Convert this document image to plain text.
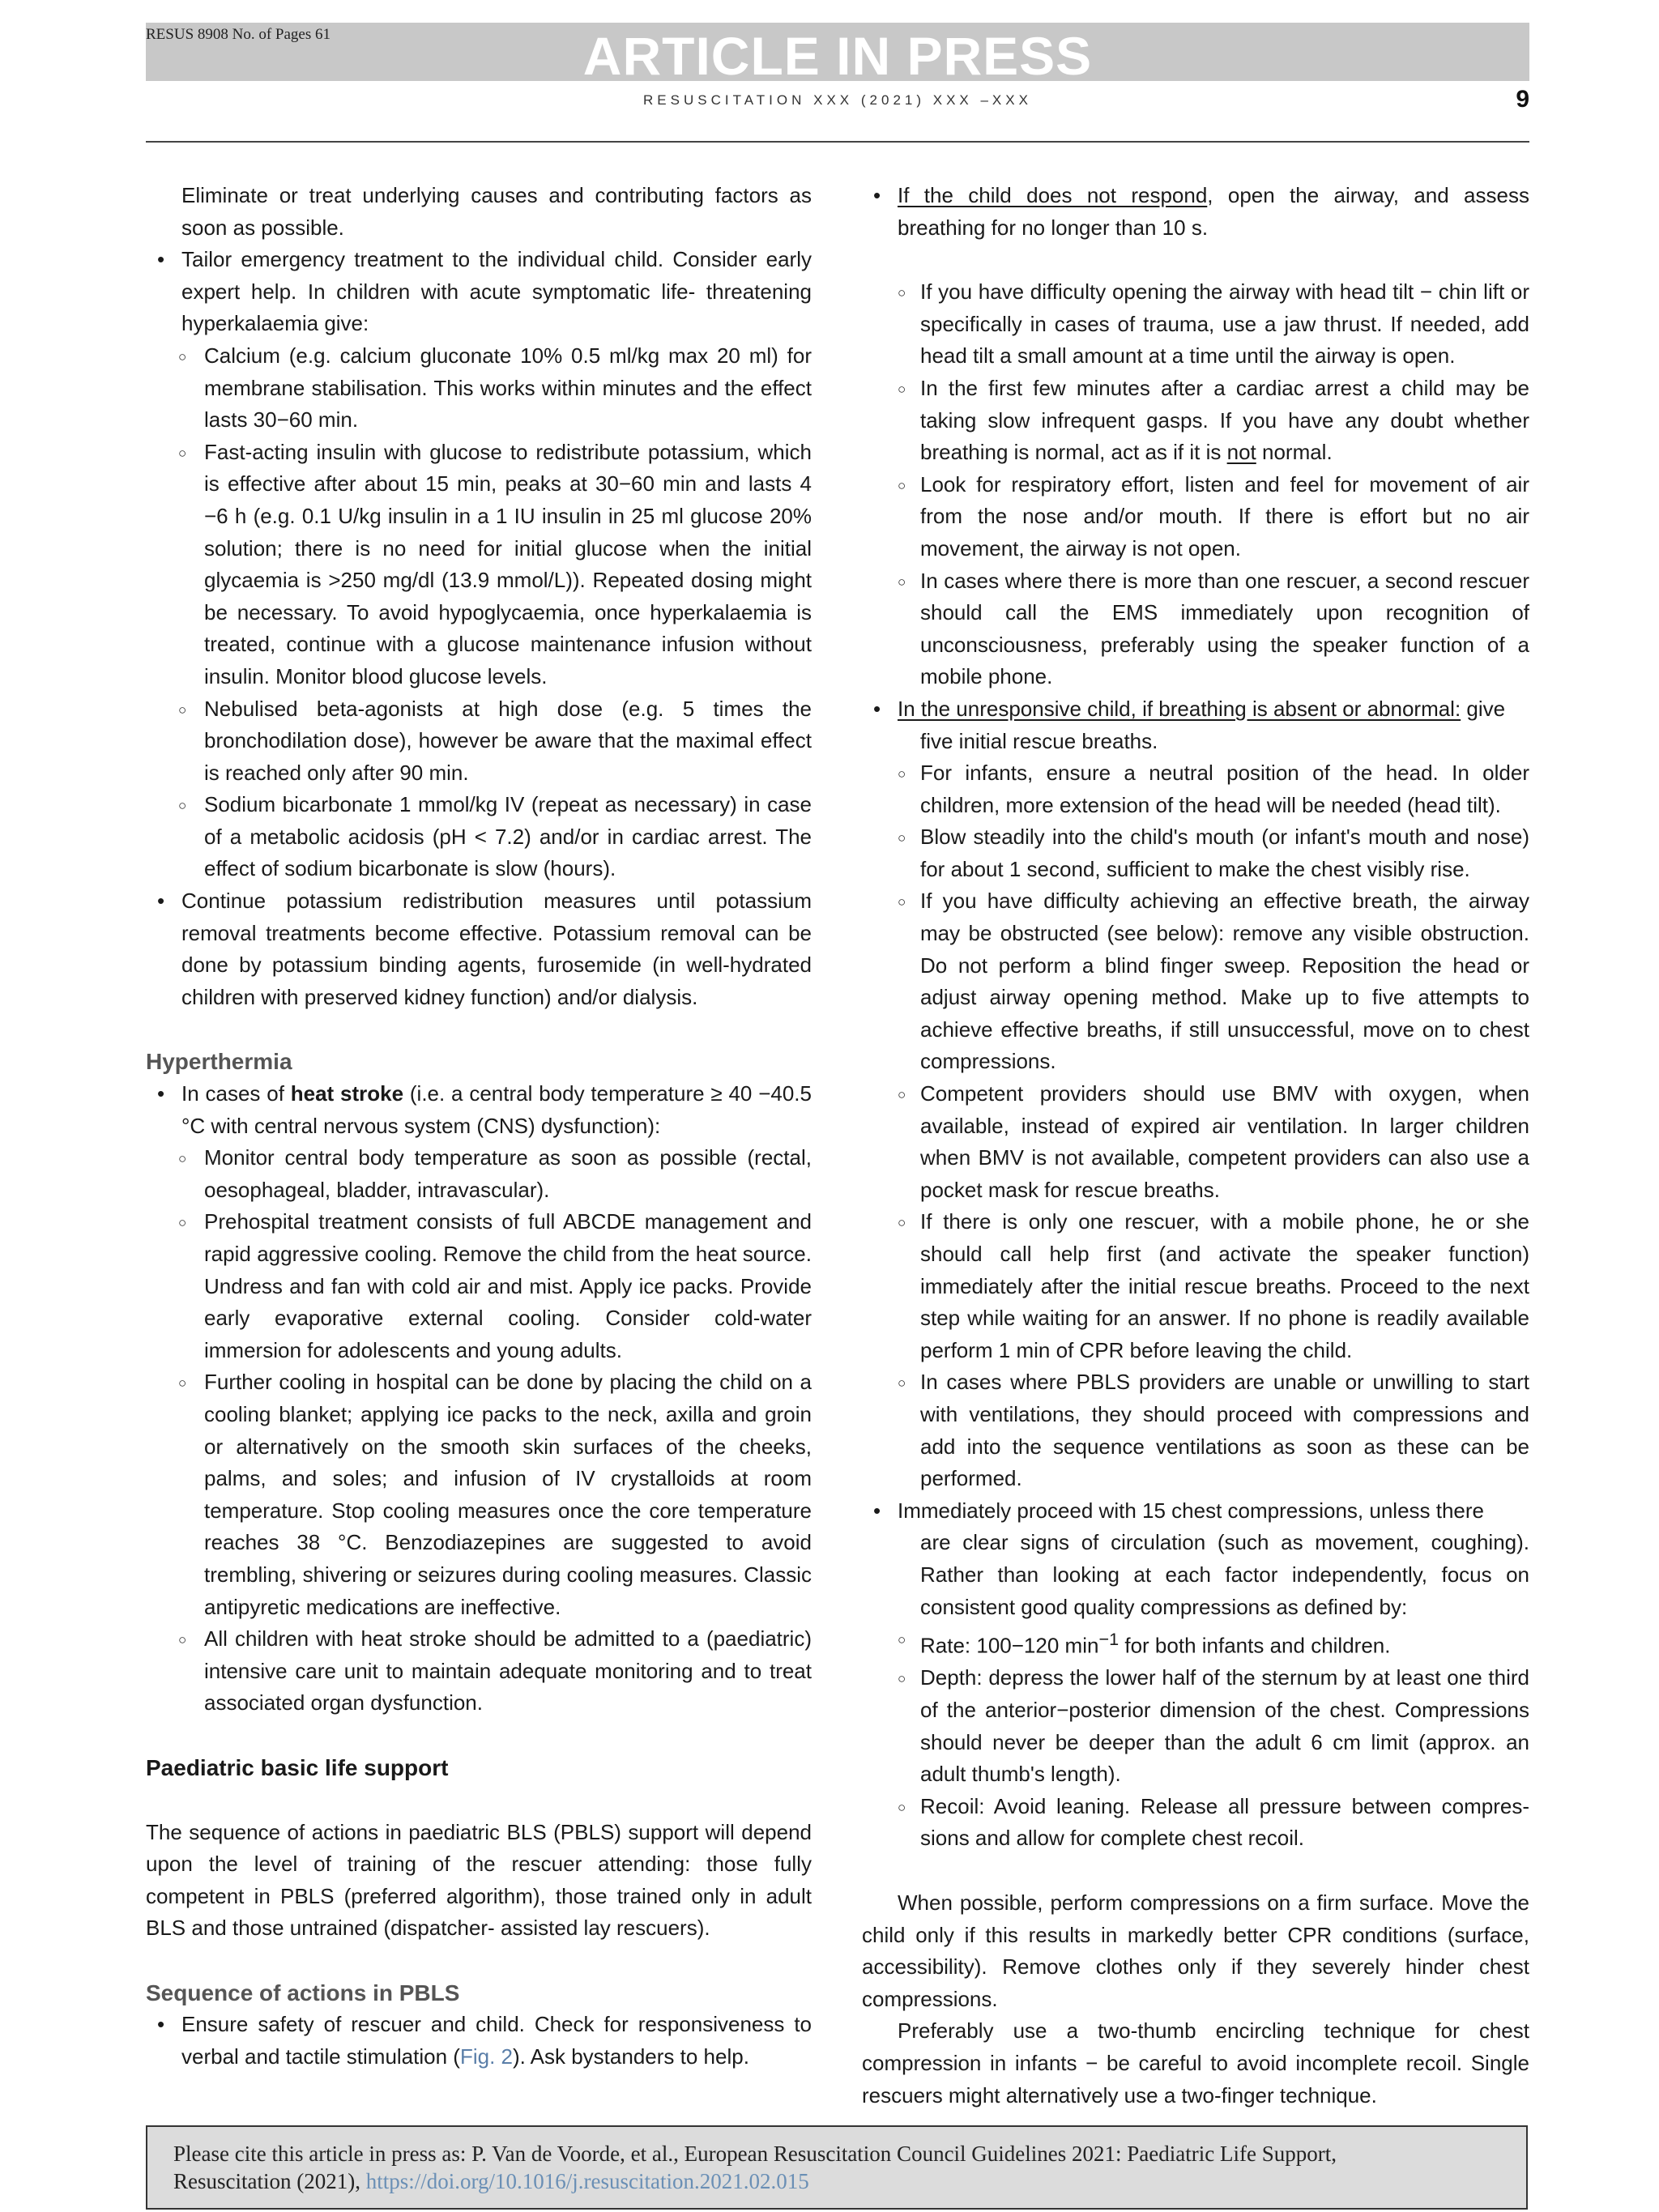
ARTICLE IN PRESS
RESUS 8908 No. of Pages 61
RESUSCITATION XXX (2021) XXX –XXX	9

Eliminate or treat underlying causes and contributing factors as soon as possible.

• Tailor emergency treatment to the individual child. Consider early expert help. In children with acute symptomatic life- threatening hyperkalaemia give:

○ Calcium (e.g. calcium gluconate 10% 0.5 ml/kg max 20 ml) for membrane stabilisation. This works within minutes and the effect lasts 30−60 min.

○ Fast-acting insulin with glucose to redistribute potassium, which is effective after about 15 min, peaks at 30−60 min and lasts 4 −6 h (e.g. 0.1 U/kg insulin in a 1 IU insulin in 25 ml glucose 20% solution; there is no need for initial glucose when the initial glycaemia is >250 mg/dl (13.9 mmol/L)). Repeated dosing might be necessary. To avoid hypoglycaemia, once hyperkalaemia is treated, continue with a glucose maintenance infusion without insulin. Monitor blood glucose levels.

○ Nebulised beta-agonists at high dose (e.g. 5 times the bronchodilation dose), however be aware that the maximal effect is reached only after 90 min.

○ Sodium bicarbonate 1 mmol/kg IV (repeat as necessary) in case of a metabolic acidosis (pH < 7.2) and/or in cardiac arrest. The effect of sodium bicarbonate is slow (hours).

• Continue potassium redistribution measures until potassium removal treatments become effective. Potassium removal can be done by potassium binding agents, furosemide (in well-hydrated children with preserved kidney function) and/or dialysis.

Hyperthermia

• In cases of heat stroke (i.e. a central body temperature ≥ 40 −40.5 °C with central nervous system (CNS) dysfunction):

○ Monitor central body temperature as soon as possible (rectal, oesophageal, bladder, intravascular).

○ Prehospital treatment consists of full ABCDE management and rapid aggressive cooling. Remove the child from the heat source. Undress and fan with cold air and mist. Apply ice packs. Provide early evaporative external cooling. Consider cold-water immersion for adolescents and young adults.

○ Further cooling in hospital can be done by placing the child on a cooling blanket; applying ice packs to the neck, axilla and groin or alternatively on the smooth skin surfaces of the cheeks, palms, and soles; and infusion of IV crystalloids at room temperature. Stop cooling measures once the core temperature reaches 38 °C. Benzodiazepines are suggested to avoid trembling, shivering or seizures during cooling measures. Classic antipyretic medications are ineffective.

○ All children with heat stroke should be admitted to a (paediatric) intensive care unit to maintain adequate monitoring and to treat associated organ dysfunction.

Paediatric basic life support

The sequence of actions in paediatric BLS (PBLS) support will depend upon the level of training of the rescuer attending: those fully competent in PBLS (preferred algorithm), those trained only in adult BLS and those untrained (dispatcher- assisted lay rescuers).

Sequence of actions in PBLS

• Ensure safety of rescuer and child. Check for responsiveness to verbal and tactile stimulation (Fig. 2). Ask bystanders to help.

• If the child does not respond, open the airway, and assess breathing for no longer than 10 s.

○ If you have difficulty opening the airway with head tilt − chin lift or specifically in cases of trauma, use a jaw thrust. If needed, add head tilt a small amount at a time until the airway is open.

○ In the first few minutes after a cardiac arrest a child may be taking slow infrequent gasps. If you have any doubt whether breathing is normal, act as if it is not normal.

○ Look for respiratory effort, listen and feel for movement of air from the nose and/or mouth. If there is effort but no air movement, the airway is not open.

○ In cases where there is more than one rescuer, a second rescuer should call the EMS immediately upon recognition of unconsciousness, preferably using the speaker function of a mobile phone.

• In the unresponsive child, if breathing is absent or abnormal: give

five initial rescue breaths.

○ For infants, ensure a neutral position of the head. In older children, more extension of the head will be needed (head tilt).

○ Blow steadily into the child's mouth (or infant's mouth and nose) for about 1 second, sufficient to make the chest visibly rise.

○ If you have difficulty achieving an effective breath, the airway may be obstructed (see below): remove any visible obstruction. Do not perform a blind finger sweep. Reposition the head or adjust airway opening method. Make up to five attempts to achieve effective breaths, if still unsuccessful, move on to chest compressions.

○ Competent providers should use BMV with oxygen, when available, instead of expired air ventilation. In larger children when BMV is not available, competent providers can also use a pocket mask for rescue breaths.

○ If there is only one rescuer, with a mobile phone, he or she should call help first (and activate the speaker function) immediately after the initial rescue breaths. Proceed to the next step while waiting for an answer. If no phone is readily available perform 1 min of CPR before leaving the child.

○ In cases where PBLS providers are unable or unwilling to start with ventilations, they should proceed with compressions and add into the sequence ventilations as soon as these can be performed.

• Immediately proceed with 15 chest compressions, unless there

are clear signs of circulation (such as movement, coughing). Rather than looking at each factor independently, focus on consistent good quality compressions as defined by:

○ Rate: 100−120 $\min^{-1}$ for both infants and children.

○ Depth: depress the lower half of the sternum by at least one third of the anterior−posterior dimension of the chest. Compressions should never be deeper than the adult 6 cm limit (approx. an adult thumb's length).

○ Recoil: Avoid leaning. Release all pressure between compressions and allow for complete chest recoil.

When possible, perform compressions on a firm surface. Move the child only if this results in markedly better CPR conditions (surface, accessibility). Remove clothes only if they severely hinder chest compressions.

Preferably use a two-thumb encircling technique for chest compression in infants − be careful to avoid incomplete recoil. Single rescuers might alternatively use a two-finger technique.

Please cite this article in press as: P. Van de Voorde, et al., European Resuscitation Council Guidelines 2021: Paediatric Life Support,
Resuscitation (2021), https://doi.org/10.1016/j.resuscitation.2021.02.015
